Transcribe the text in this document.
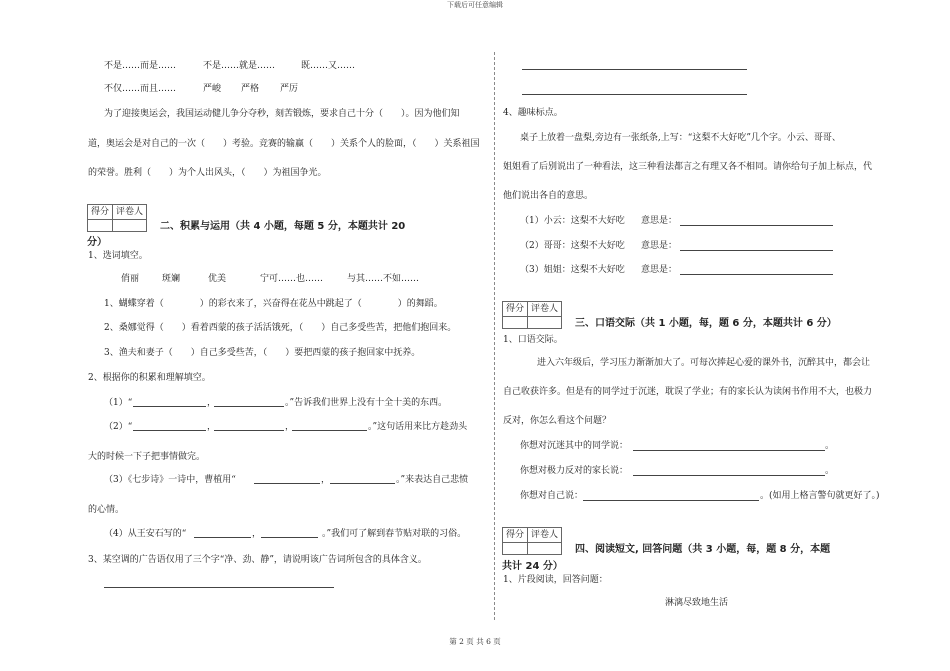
下载后可任意编辑
不是……而是……	不是……就是……	既……又……
不仅……而且……	严峻 严格 严厉
为了迎接奥运会，我国运动健儿争分夺秒，刻苦锻炼，要求自己十分（　　）。因为他们知
道，奥运会是对自己的一次（　　）考验。竞赛的输赢（　　）关系个人的脸面，（　　）关系祖国
的荣誉。胜利（　　）为个人出风头，（　　）为祖国争光。
得分	评卷人

二、积累与运用（共 4 小题，每题 5 分，本题共计 20
分）
1、选词填空。
俏丽	斑斓	优美	宁可……也……	与其……不如……
1、蝴蝶穿着（　　　　）的彩衣来了，兴奋得在花丛中跳起了（　　　　）的舞蹈。
2、桑娜觉得（　　）看着西蒙的孩子活活饿死，（　　）自己多受些苦，把他们抱回来。
3、渔夫和妻子（　　）自己多受些苦，（　　）要把西蒙的孩子抱回家中抚养。
2、根据你的积累和理解填空。
（1）“	，	。”告诉我们世界上没有十全十美的东西。
（2）“	，	，	。”这句话用来比方趁劲头
大的时候一下子把事情做完。
（3）《七步诗》一诗中，曹植用“	，	。”来表达自己悲愤
的心情。
（4）从王安石写的“	，	。”我们可了解到春节贴对联的习俗。
3、某空调的广告语仅用了三个字“净、劲、静”，请说明该广告词所包含的具体含义。
4、趣味标点。
桌子上放着一盘梨,旁边有一张纸条,上写：“这梨不大好吃”几个字。小云、哥哥、
姐姐看了后别说出了一种看法，这三种看法都言之有理又各不相同。请你给句子加上标点，代
他们说出各自的意思。
（1）小云：这梨不大好吃 意思是：
（2）哥哥：这梨不大好吃 意思是：
（3）姐姐：这梨不大好吃 意思是：
得分	评卷人

三、口语交际（共 1 小题，每，题 6 分，本题共计 6 分）
1、口语交际。
进入六年级后，学习压力渐渐加大了。可每次捧起心爱的课外书，沉醉其中，都会让
自己收获许多。但是有的同学过于沉迷，耽误了学业；有的家长认为读闲书作用不大，也极力
反对，你怎么看这个问题？
你想对沉迷其中的同学说：	。
你想对极力反对的家长说：	。
你想对自己说：	。(如用上格言警句就更好了。)
得分	评卷人

四、阅读短文, 回答问题（共 3 小题，每，题 8 分，本题
共计 24 分）
1、片段阅读，回答问题：
淋漓尽致地生活
第 2 页 共 6 页
